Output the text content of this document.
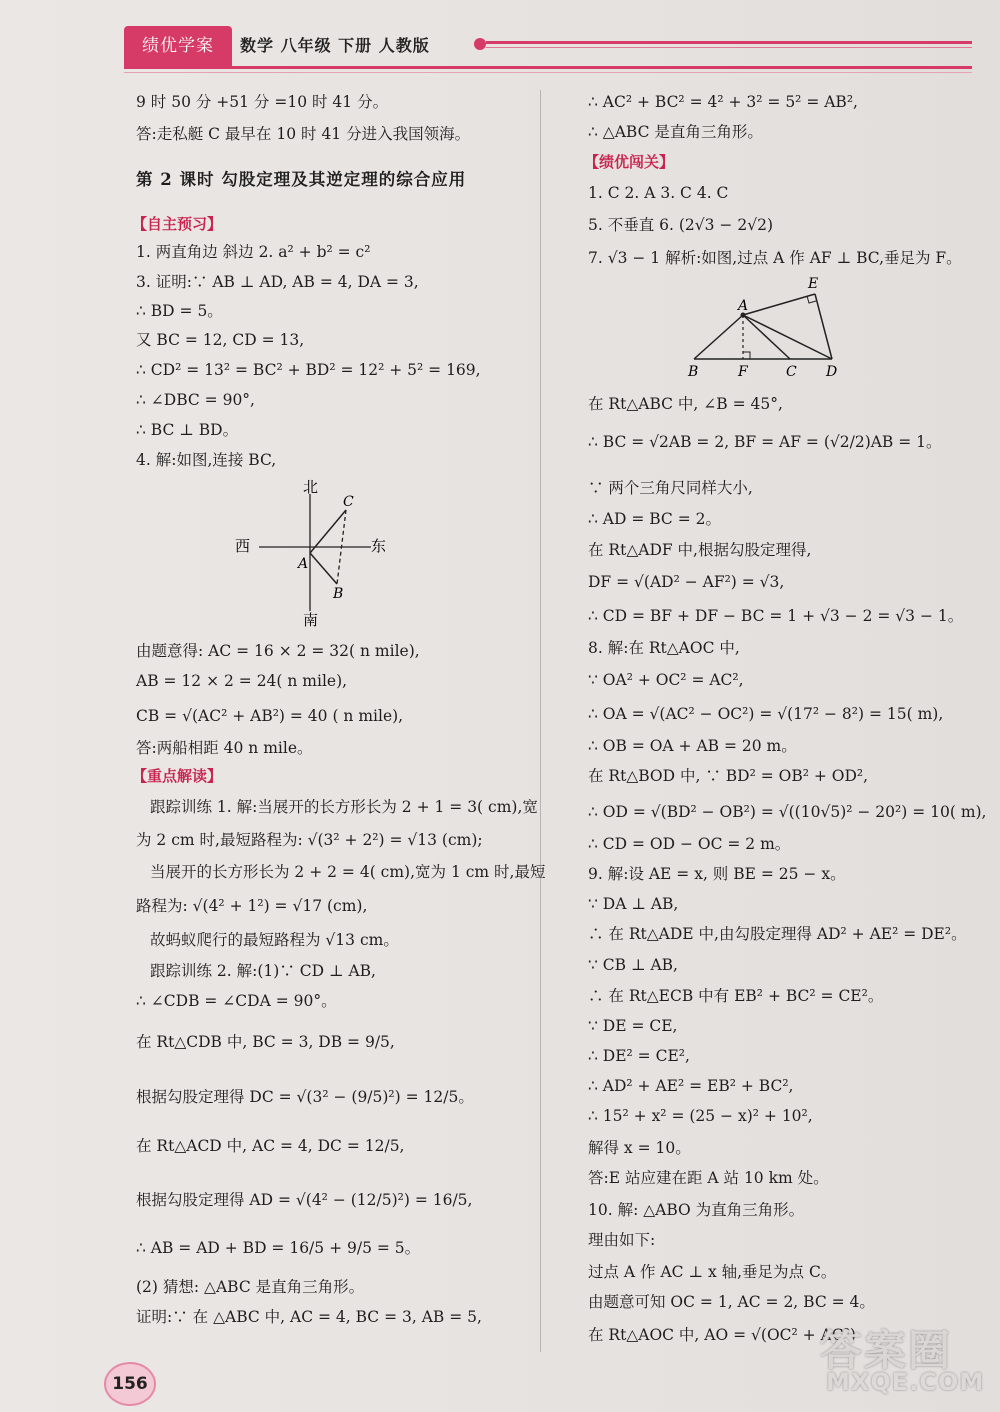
绩优学案	数学 八年级 下册 人教版
9 时 50 分 +51 分 =10 时 41 分。
答:走私艇 C 最早在 10 时 41 分进入我国领海。
第 2 课时 勾股定理及其逆定理的综合应用
【自主预习】
1. 两直角边 斜边 2. a² + b² = c²
3. 证明:∵ AB ⊥ AD, AB = 4, DA = 3,
∴ BD = 5。
又 BC = 12, CD = 13,
∴ CD² = 13² = BC² + BD² = 12² + 5² = 169,
∴ ∠DBC = 90°,
∴ BC ⊥ BD。
4. 解:如图,连接 BC,
北
南
西	东
A
B
C
由题意得: AC = 16 × 2 = 32( n mile),
AB = 12 × 2 = 24( n mile),
CB = √(AC² + AB²) = 40 ( n mile),
答:两船相距 40 n mile。
【重点解读】
跟踪训练 1. 解:当展开的长方形长为 2 + 1 = 3( cm),宽
为 2 cm 时,最短路程为: √(3² + 2²) = √13 (cm);
当展开的长方形长为 2 + 2 = 4( cm),宽为 1 cm 时,最短
路程为: √(4² + 1²) = √17 (cm),
故蚂蚁爬行的最短路程为 √13 cm。
跟踪训练 2. 解:(1)∵ CD ⊥ AB,
∴ ∠CDB = ∠CDA = 90°。
在 Rt△CDB 中, BC = 3, DB = 9/5,
根据勾股定理得 DC = √(3² − (9/5)²) = 12/5。
在 Rt△ACD 中, AC = 4, DC = 12/5,
根据勾股定理得 AD = √(4² − (12/5)²) = 16/5,
∴ AB = AD + BD = 16/5 + 9/5 = 5。
(2) 猜想: △ABC 是直角三角形。
证明:∵ 在 △ABC 中, AC = 4, BC = 3, AB = 5,
∴ AC² + BC² = 4² + 3² = 5² = AB²,
∴ △ABC 是直角三角形。
【绩优闯关】
1. C 2. A 3. C 4. C
5. 不垂直 6. (2√3 − 2√2)
7. √3 − 1 解析:如图,过点 A 作 AF ⊥ BC,垂足为 F。
A
B	F	C D
E
在 Rt△ABC 中, ∠B = 45°,
∴ BC = √2AB = 2, BF = AF = (√2/2)AB = 1。
∵ 两个三角尺同样大小,
∴ AD = BC = 2。
在 Rt△ADF 中,根据勾股定理得,
DF = √(AD² − AF²) = √3,
∴ CD = BF + DF − BC = 1 + √3 − 2 = √3 − 1。
8. 解:在 Rt△AOC 中,
∵ OA² + OC² = AC²,
∴ OA = √(AC² − OC²) = √(17² − 8²) = 15( m),
∴ OB = OA + AB = 20 m。
在 Rt△BOD 中, ∵ BD² = OB² + OD²,
∴ OD = √(BD² − OB²) = √((10√5)² − 20²) = 10( m),
∴ CD = OD − OC = 2 m。
9. 解:设 AE = x, 则 BE = 25 − x。
∵ DA ⊥ AB,
∴ 在 Rt△ADE 中,由勾股定理得 AD² + AE² = DE²。
∵ CB ⊥ AB,
∴ 在 Rt△ECB 中有 EB² + BC² = CE²。
∵ DE = CE,
∴ DE² = CE²,
∴ AD² + AE² = EB² + BC²,
∴ 15² + x² = (25 − x)² + 10²,
解得 x = 10。
答:E 站应建在距 A 站 10 km 处。
10. 解: △ABO 为直角三角形。
理由如下:
过点 A 作 AC ⊥ x 轴,垂足为点 C。
由题意可知 OC = 1, AC = 2, BC = 4。
在 Rt△AOC 中, AO = √(OC² + AC²)
156
答案圈
MXQE.COM
